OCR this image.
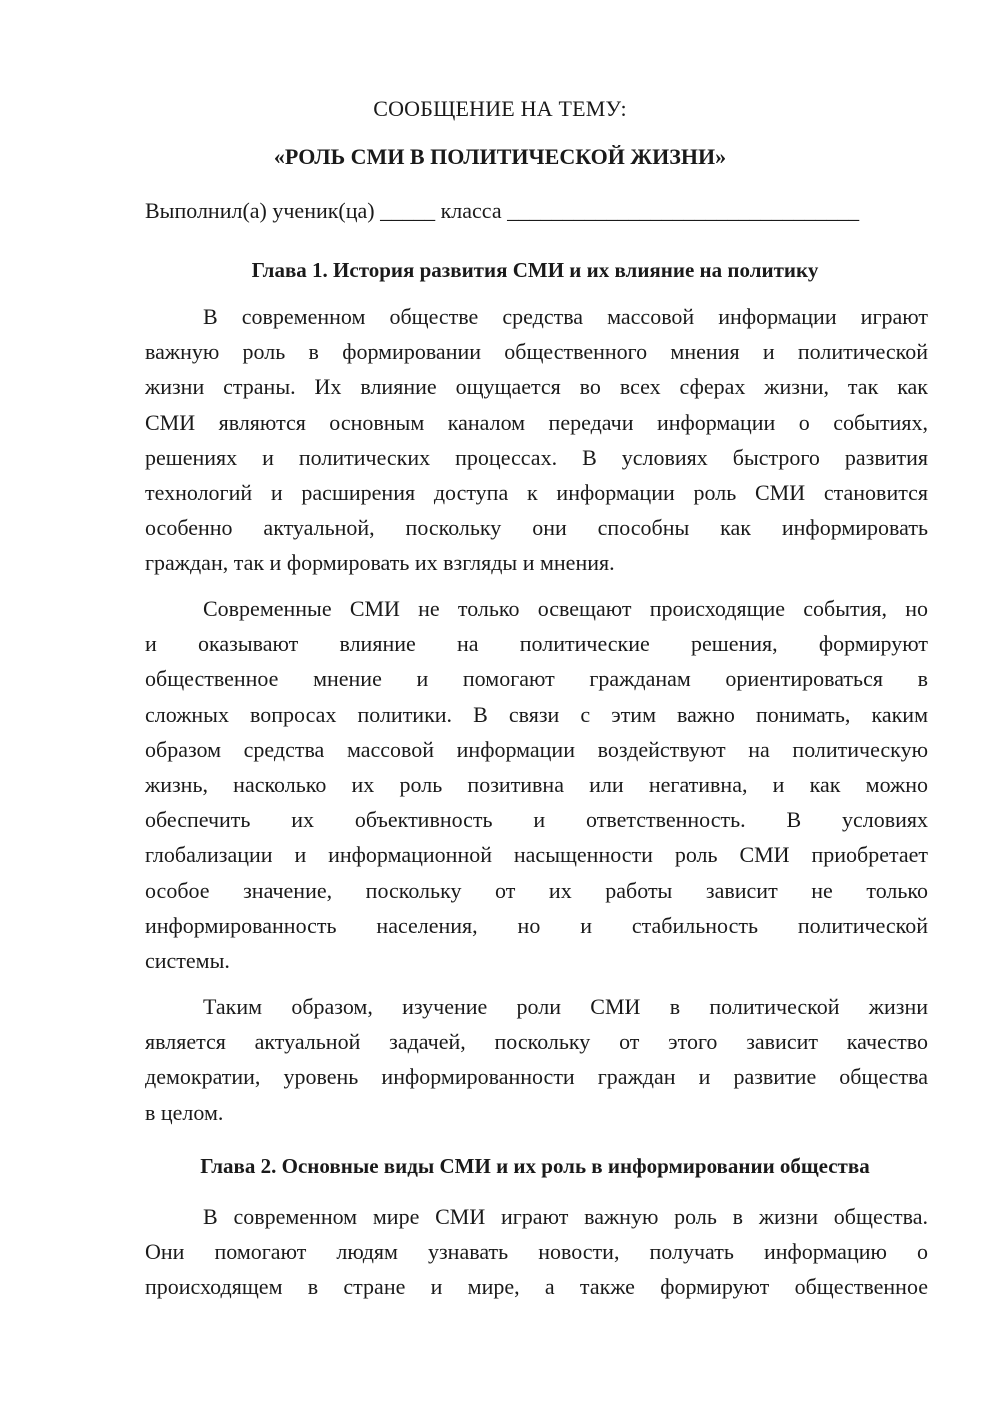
СООБЩЕНИЕ НА ТЕМУ:
«РОЛЬ СМИ В ПОЛИТИЧЕСКОЙ ЖИЗНИ»
Выполнил(а) ученик(ца) _____ класса ________________________________
Глава 1. История развития СМИ и их влияние на политику
В современном обществе средства массовой информации играют
важную роль в формировании общественного мнения и политической
жизни страны. Их влияние ощущается во всех сферах жизни, так как
СМИ являются основным каналом передачи информации о событиях,
решениях и политических процессах. В условиях быстрого развития
технологий и расширения доступа к информации роль СМИ становится
особенно актуальной, поскольку они способны как информировать
граждан, так и формировать их взгляды и мнения.
Современные СМИ не только освещают происходящие события, но
и оказывают влияние на политические решения, формируют
общественное мнение и помогают гражданам ориентироваться в
сложных вопросах политики. В связи с этим важно понимать, каким
образом средства массовой информации воздействуют на политическую
жизнь, насколько их роль позитивна или негативна, и как можно
обеспечить их объективность и ответственность. В условиях
глобализации и информационной насыщенности роль СМИ приобретает
особое значение, поскольку от их работы зависит не только
информированность населения, но и стабильность политической
системы.
Таким образом, изучение роли СМИ в политической жизни
является актуальной задачей, поскольку от этого зависит качество
демократии, уровень информированности граждан и развитие общества
в целом.
Глава 2. Основные виды СМИ и их роль в информировании общества
В современном мире СМИ играют важную роль в жизни общества.
Они помогают людям узнавать новости, получать информацию о
происходящем в стране и мире, а также формируют общественное
